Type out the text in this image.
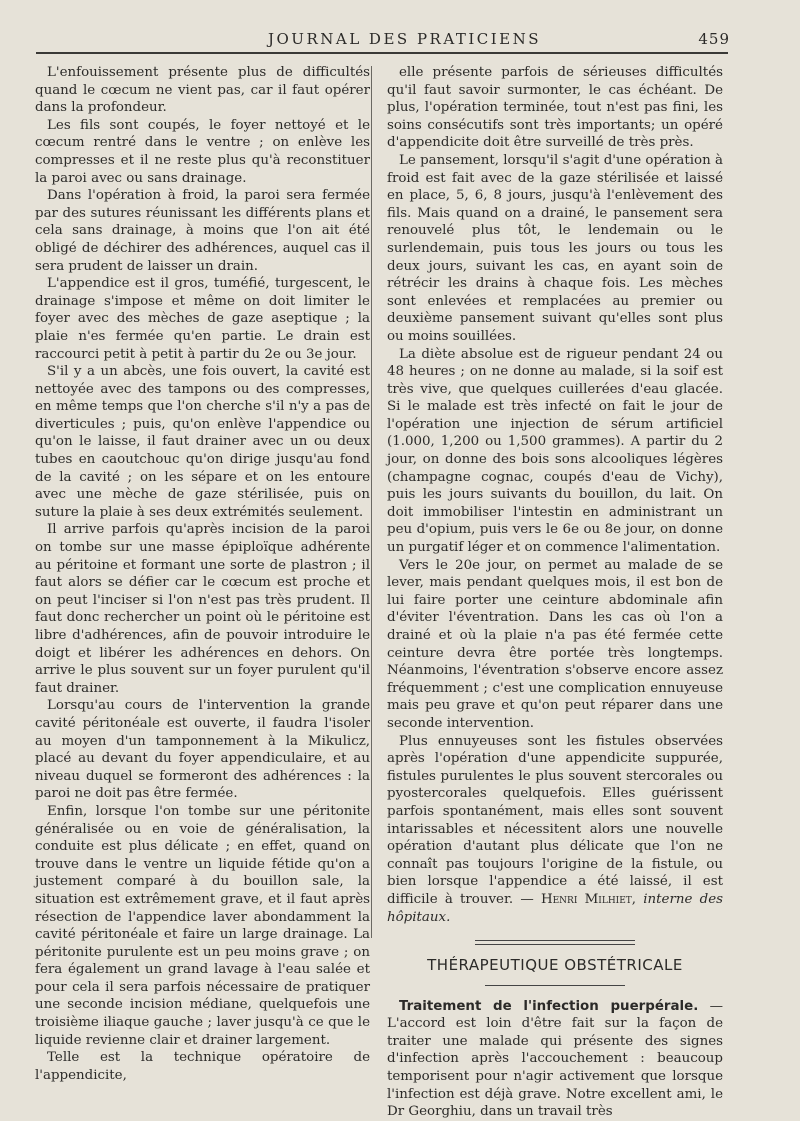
JOURNAL DES PRATICIENS	459

L'enfouissement présente plus de difficultés quand le cœcum ne vient pas, car il faut opérer dans la profondeur.

Les fils sont coupés, le foyer nettoyé et le cœcum rentré dans le ventre ; on enlève les compresses et il ne reste plus qu'à reconstituer la paroi avec ou sans drainage.

Dans l'opération à froid, la paroi sera fermée par des sutures réunissant les différents plans et cela sans drainage, à moins que l'on ait été obligé de déchirer des adhérences, auquel cas il sera prudent de laisser un drain.

L'appendice est il gros, tuméfié, turgescent, le drainage s'impose et même on doit limiter le foyer avec des mèches de gaze aseptique ; la plaie n'es fermée qu'en partie. Le drain est raccourci petit à petit à partir du 2e ou 3e jour.

S'il y a un abcès, une fois ouvert, la cavité est nettoyée avec des tampons ou des compresses, en même temps que l'on cherche s'il n'y a pas de diverticules ; puis, qu'on enlève l'appendice ou qu'on le laisse, il faut drainer avec un ou deux tubes en caoutchouc qu'on dirige jusqu'au fond de la cavité ; on les sépare et on les entoure avec une mèche de gaze stérilisée, puis on suture la plaie à ses deux extrémités seulement.

Il arrive parfois qu'après incision de la paroi on tombe sur une masse épiploïque adhérente au péritoine et formant une sorte de plastron ; il faut alors se défier car le cœcum est proche et on peut l'inciser si l'on n'est pas très prudent. Il faut donc rechercher un point où le péritoine est libre d'adhérences, afin de pouvoir introduire le doigt et libérer les adhérences en dehors. On arrive le plus souvent sur un foyer purulent qu'il faut drainer.

Lorsqu'au cours de l'intervention la grande cavité péritonéale est ouverte, il faudra l'isoler au moyen d'un tamponnement à la Mikulicz, placé au devant du foyer appendiculaire, et au niveau duquel se formeront des adhérences : la paroi ne doit pas être fermée.

Enfin, lorsque l'on tombe sur une péritonite généralisée ou en voie de généralisation, la conduite est plus délicate ; en effet, quand on trouve dans le ventre un liquide fétide qu'on a justement comparé à du bouillon sale, la situation est extrêmement grave, et il faut après résection de l'appendice laver abondamment la cavité péritonéale et faire un large drainage. La péritonite purulente est un peu moins grave ; on fera également un grand lavage à l'eau salée et pour cela il sera parfois nécessaire de pratiquer une seconde incision médiane, quelquefois une troisième iliaque gauche ; laver jusqu'à ce que le liquide revienne clair et drainer largement.

Telle est la technique opératoire de l'appendicite,

elle présente parfois de sérieuses difficultés qu'il faut savoir surmonter, le cas échéant. De plus, l'opération terminée, tout n'est pas fini, les soins consécutifs sont très importants; un opéré d'appendicite doit être surveillé de très près.

Le pansement, lorsqu'il s'agit d'une opération à froid est fait avec de la gaze stérilisée et laissé en place, 5, 6, 8 jours, jusqu'à l'enlèvement des fils. Mais quand on a drainé, le pansement sera renouvelé plus tôt, le lendemain ou le surlendemain, puis tous les jours ou tous les deux jours, suivant les cas, en ayant soin de rétrécir les drains à chaque fois. Les mèches sont enlevées et remplacées au premier ou deuxième pansement suivant qu'elles sont plus ou moins souillées.

La diète absolue est de rigueur pendant 24 ou 48 heures ; on ne donne au malade, si la soif est très vive, que quelques cuillerées d'eau glacée. Si le malade est très infecté on fait le jour de l'opération une injection de sérum artificiel (1.000, 1,200 ou 1,500 grammes). A partir du 2 jour, on donne des bois sons alcooliques légères (champagne cognac, coupés d'eau de Vichy), puis les jours suivants du bouillon, du lait. On doit immobiliser l'intestin en administrant un peu d'opium, puis vers le 6e ou 8e jour, on donne un purgatif léger et on commence l'alimentation.

Vers le 20e jour, on permet au malade de se lever, mais pendant quelques mois, il est bon de lui faire porter une ceinture abdominale afin d'éviter l'éventration. Dans les cas où l'on a drainé et où la plaie n'a pas été fermée cette ceinture devra être portée très longtemps. Néanmoins, l'éventration s'observe encore assez fréquemment ; c'est une complication ennuyeuse mais peu grave et qu'on peut réparer dans une seconde intervention.

Plus ennuyeuses sont les fistules observées après l'opération d'une appendicite suppurée, fistules purulentes le plus souvent stercorales ou pyostercorales quelquefois. Elles guérissent parfois spontanément, mais elles sont souvent intarissables et nécessitent alors une nouvelle opération d'autant plus délicate que l'on ne connaît pas toujours l'origine de la fistule, ou bien lorsque l'appendice a été laissé, il est difficile à trouver. — Henri Milhiet, interne des hôpitaux.

THÉRAPEUTIQUE OBSTÉTRICALE

Traitement de l'infection puerpérale. — L'accord est loin d'être fait sur la façon de traiter une malade qui présente des signes d'infection après l'accouchement : beaucoup temporisent pour n'agir activement que lorsque l'infection est déjà grave. Notre excellent ami, le Dr Georghiu, dans un travail très
